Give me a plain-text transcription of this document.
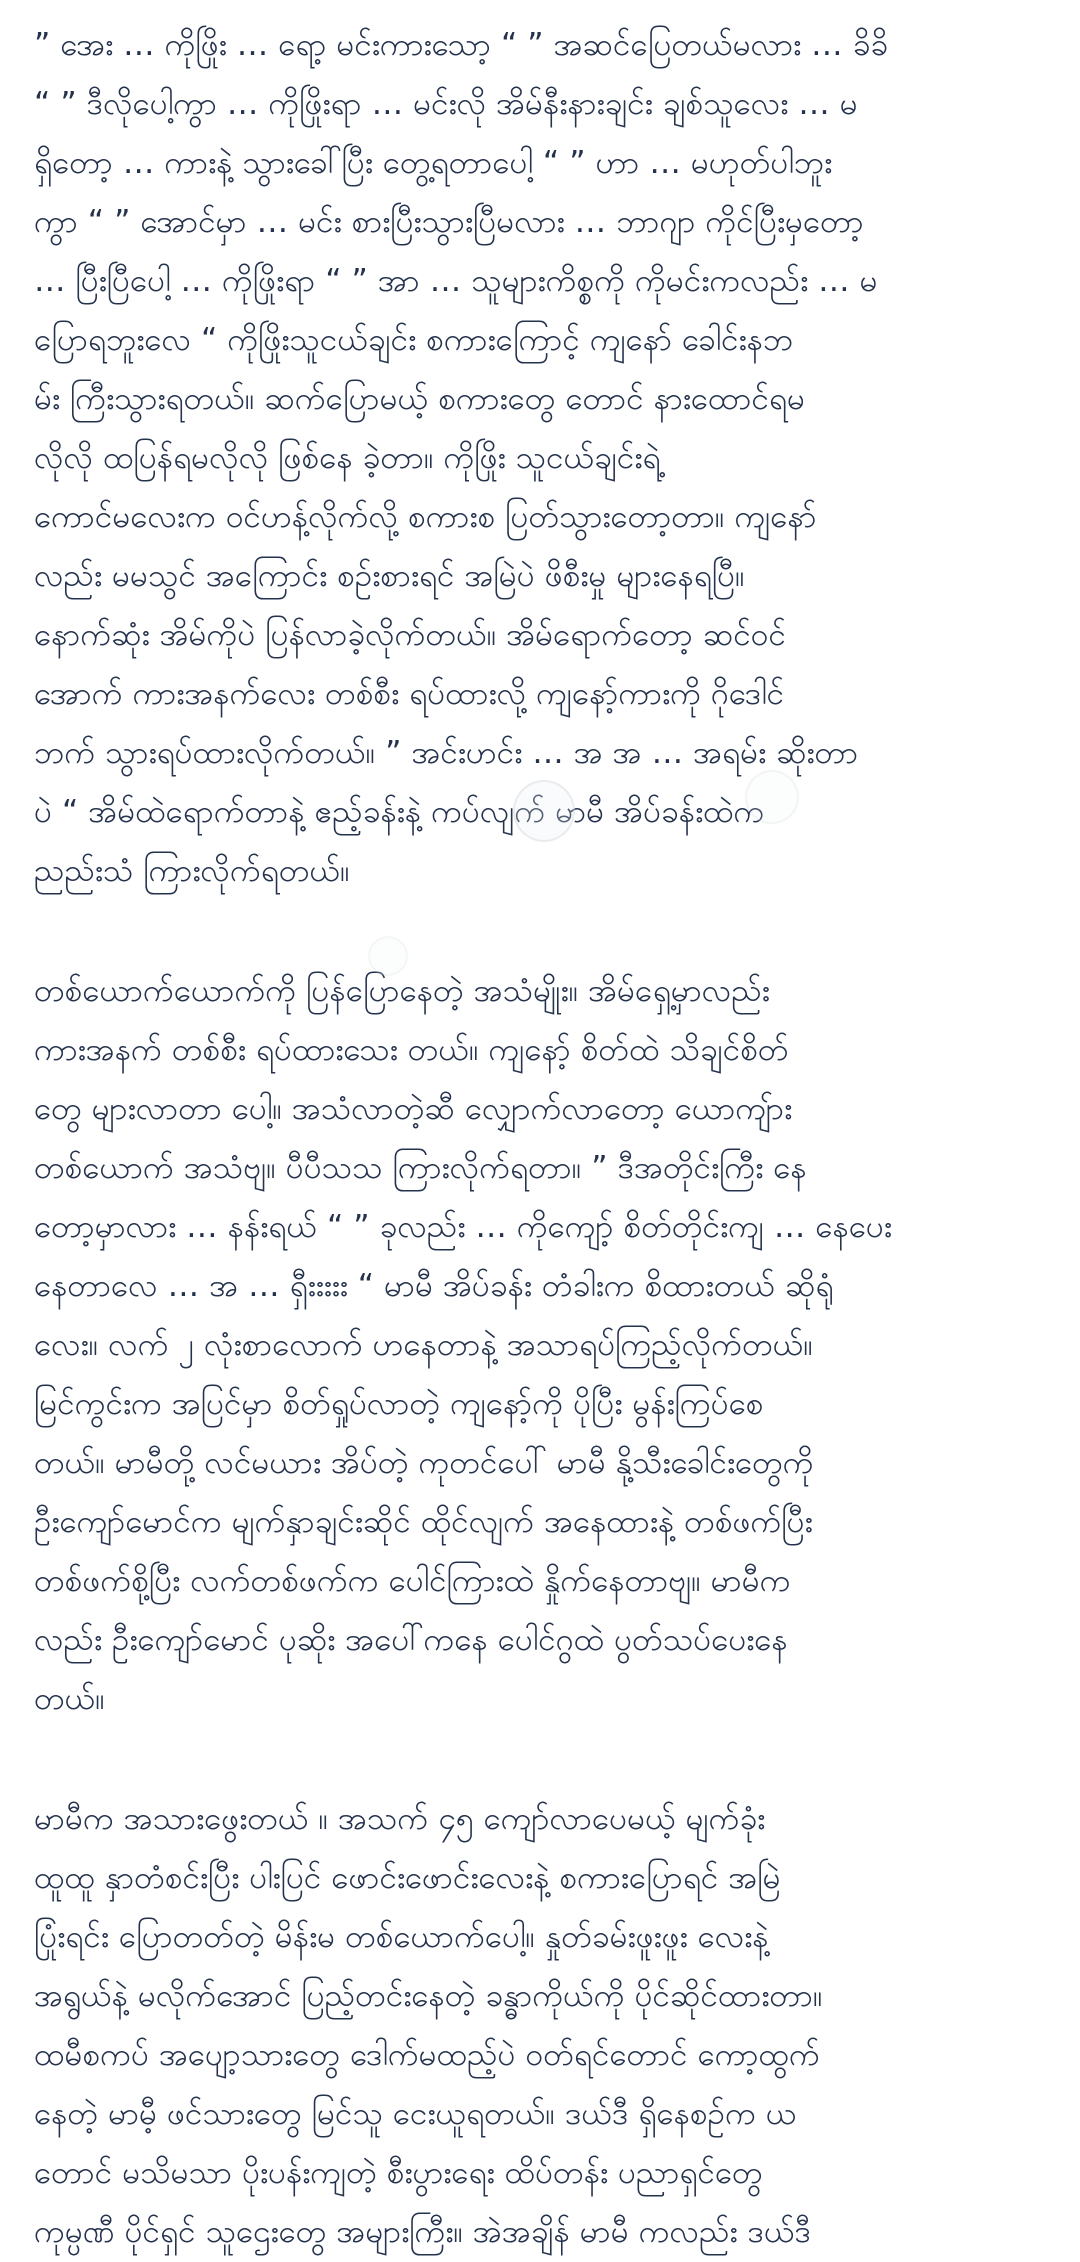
” အေး … ကိုဖြိုး … ရော့ မင်းကားသော့ “ ” အဆင်ပြေတယ်မလား … ခိခိ
“ ” ဒီလိုပေါ့ကွာ … ကိုဖြိုးရာ … မင်းလို အိမ်နီးနားချင်း ချစ်သူလေး … မ
ရှိတော့ … ကားနဲ့ သွားခေါ်ပြီး တွေ့ရတာပေါ့ “ ” ဟာ … မဟုတ်ပါဘူး
ကွာ “ ” အောင်မှာ … မင်း စားပြီးသွားပြီမလား … ဘာဂျာ ကိုင်ပြီးမှတော့
… ပြီးပြီပေါ့ … ကိုဖြိုးရာ “ ” အာ … သူများကိစ္စကို ကိုမင်းကလည်း … မ
ပြောရဘူးလေ “ ကိုဖြိုးသူငယ်ချင်း စကားကြောင့် ကျနော် ခေါင်းနဘ
မ်း ကြီးသွားရတယ်။ ဆက်ပြောမယ့် စကားတွေ တောင် နားထောင်ရမ
လိုလို ထပြန်ရမလိုလို ဖြစ်နေ ခဲ့တာ။ ကိုဖြိုး သူငယ်ချင်းရဲ့
ကောင်မလေးက ဝင်ဟန့်လိုက်လို့ စကားစ ပြတ်သွားတော့တာ။ ကျနော်
လည်း မမသွင် အကြောင်း စဉ်းစားရင် အမြဲပဲ ဖိစီးမှု များနေရပြီ။
နောက်ဆုံး အိမ်ကိုပဲ ပြန်လာခဲ့လိုက်တယ်။ အိမ်ရောက်တော့ ဆင်ဝင်
အောက် ကားအနက်လေး တစ်စီး ရပ်ထားလို့ ကျနော့်ကားကို ဂိုဒေါင်
ဘက် သွားရပ်ထားလိုက်တယ်။ ” အင်းဟင်း … အ အ … အရမ်း ဆိုးတာ
ပဲ “ အိမ်ထဲရောက်တာနဲ့ ဧည့်ခန်းနဲ့ ကပ်လျက် မာမီ အိပ်ခန်းထဲက
ညည်းသံ ကြားလိုက်ရတယ်။
တစ်ယောက်ယောက်ကို ပြန်ပြောနေတဲ့ အသံမျိုး။ အိမ်ရှေ့မှာလည်း
ကားအနက် တစ်စီး ရပ်ထားသေး တယ်။ ကျနော့် စိတ်ထဲ သိချင်စိတ်
တွေ များလာတာ ပေါ့။ အသံလာတဲ့ဆီ လျှောက်လာတော့ ယောကျ်ား
တစ်ယောက် အသံဗျ။ ပီပီသသ ကြားလိုက်ရတာ။ ” ဒီအတိုင်းကြီး နေ
တော့မှာလား … နန်းရယ် “ ” ခုလည်း … ကိုကျော့် စိတ်တိုင်းကျ … နေပေး
နေတာလေ … အ … ရှီးးးးး “ မာမီ အိပ်ခန်း တံခါးက စိထားတယ် ဆိုရုံ
လေး။ လက် ၂ လုံးစာလောက် ဟနေတာနဲ့ အသာရပ်ကြည့်လိုက်တယ်။
မြင်ကွင်းက အပြင်မှာ စိတ်ရှုပ်လာတဲ့ ကျနော့်ကို ပိုပြီး မွန်းကြပ်စေ
တယ်။ မာမီတို့ လင်မယား အိပ်တဲ့ ကုတင်ပေါ် မာမီ နို့သီးခေါင်းတွေကို
ဦးကျော်မောင်က မျက်နှာချင်းဆိုင် ထိုင်လျက် အနေထားနဲ့ တစ်ဖက်ပြီး
တစ်ဖက်စို့ပြီး လက်တစ်ဖက်က ပေါင်ကြားထဲ နှိုက်နေတာဗျ။ မာမီက
လည်း ဦးကျော်မောင် ပုဆိုး အပေါ်ကနေ ပေါင်ဂွထဲ ပွတ်သပ်ပေးနေ
တယ်။
မာမီက အသားဖွေးတယ် ။ အသက် ၄၅ ကျော်လာပေမယ့် မျက်ခုံး
ထူထူ နှာတံစင်းပြီး ပါးပြင် ဖောင်းဖောင်းလေးနဲ့ စကားပြောရင် အမြဲ
ပြုံးရင်း ပြောတတ်တဲ့ မိန်းမ တစ်ယောက်ပေါ့။ နှုတ်ခမ်းဖူးဖူး လေးနဲ့
အရွယ်နဲ့ မလိုက်အောင် ပြည့်တင်းနေတဲ့ ခန္ဓာကိုယ်ကို ပိုင်ဆိုင်ထားတာ။
ထမီစကပ် အပျော့သားတွေ ဒေါက်မထည့်ပဲ ဝတ်ရင်တောင် ကော့ထွက်
နေတဲ့ မာမီ့ ဖင်သားတွေ မြင်သူ ငေးယူရတယ်။ ဒယ်ဒီ ရှိနေစဉ်က ယ
တောင် မသိမသာ ပိုးပန်းကျတဲ့ စီးပွားရေး ထိပ်တန်း ပညာရှင်တွေ
ကုမ္ပဏီ ပိုင်ရှင် သူဌေးတွေ အများကြီး။ အဲအချိန် မာမီ ကလည်း ဒယ်ဒီ
